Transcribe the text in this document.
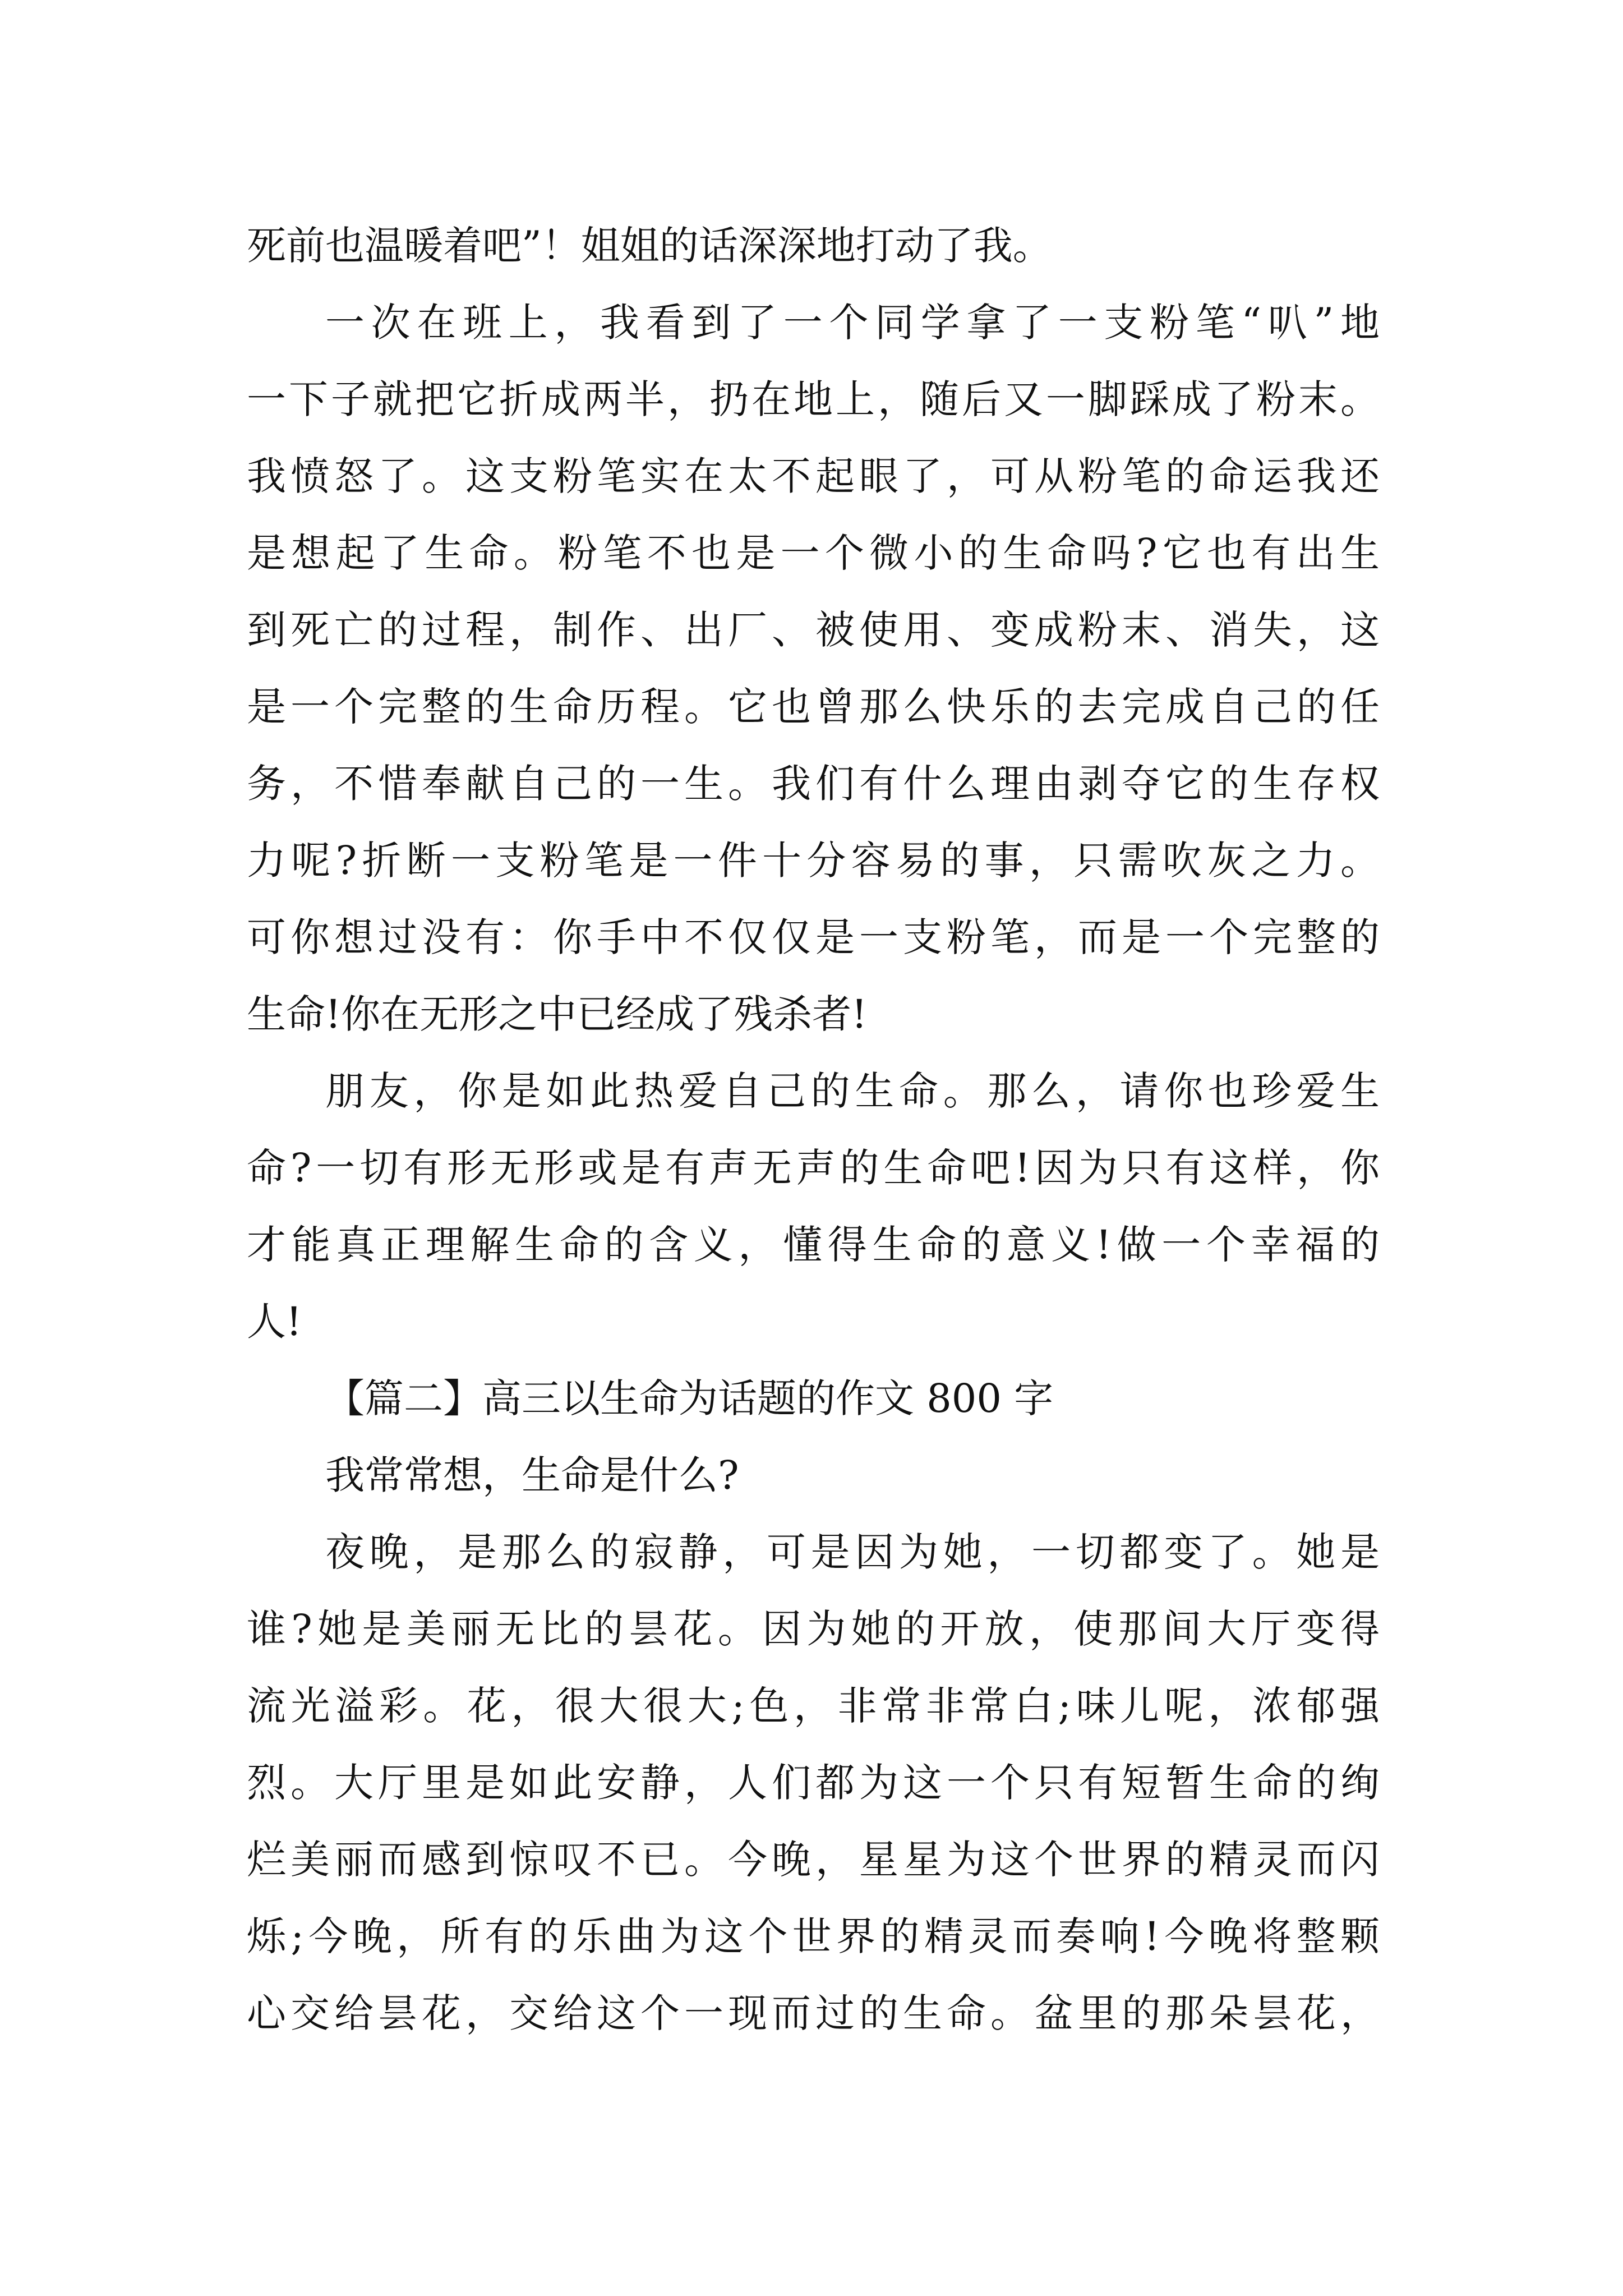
死前也温暖着吧”！姐姐的话深深地打动了我。
一次在班上，我看到了一个同学拿了一支粉笔“叭”地
一下子就把它折成两半，扔在地上，随后又一脚踩成了粉末。
我愤怒了。这支粉笔实在太不起眼了，可从粉笔的命运我还
是想起了生命。粉笔不也是一个微小的生命吗?它也有出生
到死亡的过程，制作、出厂、被使用、变成粉末、消失，这
是一个完整的生命历程。它也曾那么快乐的去完成自己的任
务，不惜奉献自己的一生。我们有什么理由剥夺它的生存权
力呢?折断一支粉笔是一件十分容易的事，只需吹灰之力。
可你想过没有：你手中不仅仅是一支粉笔，而是一个完整的
生命!你在无形之中已经成了残杀者!
朋友，你是如此热爱自己的生命。那么，请你也珍爱生
命?一切有形无形或是有声无声的生命吧!因为只有这样，你
才能真正理解生命的含义，懂得生命的意义!做一个幸福的
人!
【篇二】高三以生命为话题的作文 800 字
我常常想，生命是什么?
夜晚，是那么的寂静，可是因为她，一切都变了。她是
谁?她是美丽无比的昙花。因为她的开放，使那间大厅变得
流光溢彩。花，很大很大;色，非常非常白;味儿呢，浓郁强
烈。大厅里是如此安静，人们都为这一个只有短暂生命的绚
烂美丽而感到惊叹不已。今晚，星星为这个世界的精灵而闪
烁;今晚，所有的乐曲为这个世界的精灵而奏响!今晚将整颗
心交给昙花，交给这个一现而过的生命。盆里的那朵昙花，
